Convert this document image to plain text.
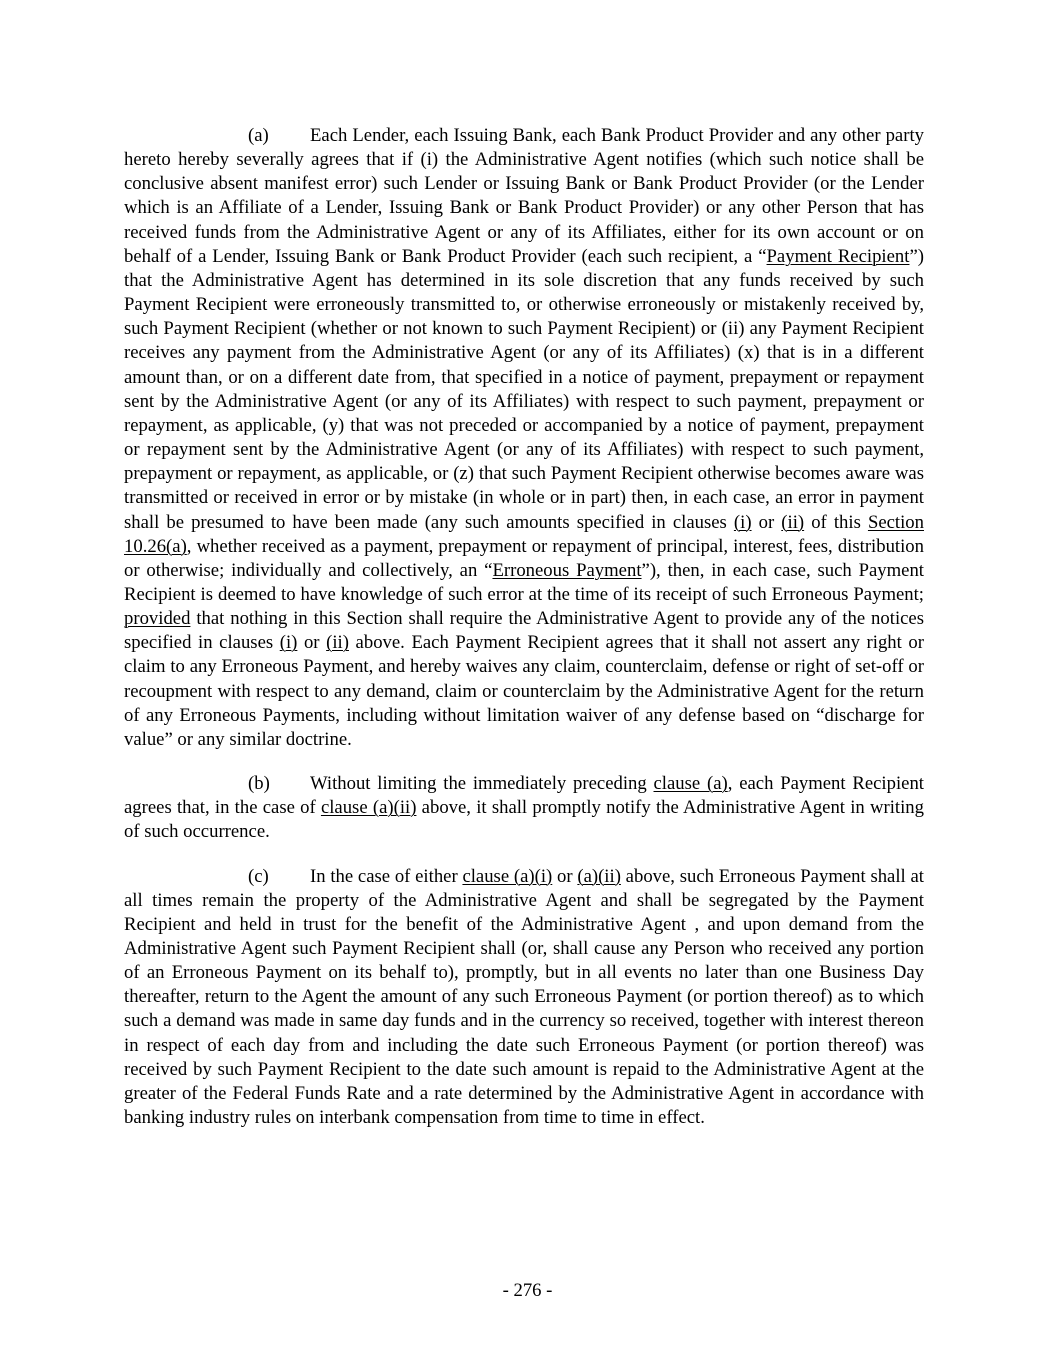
(a) Each Lender, each Issuing Bank, each Bank Product Provider and any other party hereto hereby severally agrees that if (i) the Administrative Agent notifies (which such notice shall be conclusive absent manifest error) such Lender or Issuing Bank or Bank Product Provider (or the Lender which is an Affiliate of a Lender, Issuing Bank or Bank Product Provider) or any other Person that has received funds from the Administrative Agent or any of its Affiliates, either for its own account or on behalf of a Lender, Issuing Bank or Bank Product Provider (each such recipient, a “Payment Recipient”) that the Administrative Agent has determined in its sole discretion that any funds received by such Payment Recipient were erroneously transmitted to, or otherwise erroneously or mistakenly received by, such Payment Recipient (whether or not known to such Payment Recipient) or (ii) any Payment Recipient receives any payment from the Administrative Agent (or any of its Affiliates) (x) that is in a different amount than, or on a different date from, that specified in a notice of payment, prepayment or repayment sent by the Administrative Agent (or any of its Affiliates) with respect to such payment, prepayment or repayment, as applicable, (y) that was not preceded or accompanied by a notice of payment, prepayment or repayment sent by the Administrative Agent (or any of its Affiliates) with respect to such payment, prepayment or repayment, as applicable, or (z) that such Payment Recipient otherwise becomes aware was transmitted or received in error or by mistake (in whole or in part) then, in each case, an error in payment shall be presumed to have been made (any such amounts specified in clauses (i) or (ii) of this Section 10.26(a), whether received as a payment, prepayment or repayment of principal, interest, fees, distribution or otherwise; individually and collectively, an “Erroneous Payment”), then, in each case, such Payment Recipient is deemed to have knowledge of such error at the time of its receipt of such Erroneous Payment; provided that nothing in this Section shall require the Administrative Agent to provide any of the notices specified in clauses (i) or (ii) above. Each Payment Recipient agrees that it shall not assert any right or claim to any Erroneous Payment, and hereby waives any claim, counterclaim, defense or right of set-off or recoupment with respect to any demand, claim or counterclaim by the Administrative Agent for the return of any Erroneous Payments, including without limitation waiver of any defense based on “discharge for value” or any similar doctrine.

(b) Without limiting the immediately preceding clause (a), each Payment Recipient agrees that, in the case of clause (a)(ii) above, it shall promptly notify the Administrative Agent in writing of such occurrence.

(c) In the case of either clause (a)(i) or (a)(ii) above, such Erroneous Payment shall at all times remain the property of the Administrative Agent and shall be segregated by the Payment Recipient and held in trust for the benefit of the Administrative Agent , and upon demand from the Administrative Agent such Payment Recipient shall (or, shall cause any Person who received any portion of an Erroneous Payment on its behalf to), promptly, but in all events no later than one Business Day thereafter, return to the Agent the amount of any such Erroneous Payment (or portion thereof) as to which such a demand was made in same day funds and in the currency so received, together with interest thereon in respect of each day from and including the date such Erroneous Payment (or portion thereof) was received by such Payment Recipient to the date such amount is repaid to the Administrative Agent at the greater of the Federal Funds Rate and a rate determined by the Administrative Agent in accordance with banking industry rules on interbank compensation from time to time in effect.

- 276 -
